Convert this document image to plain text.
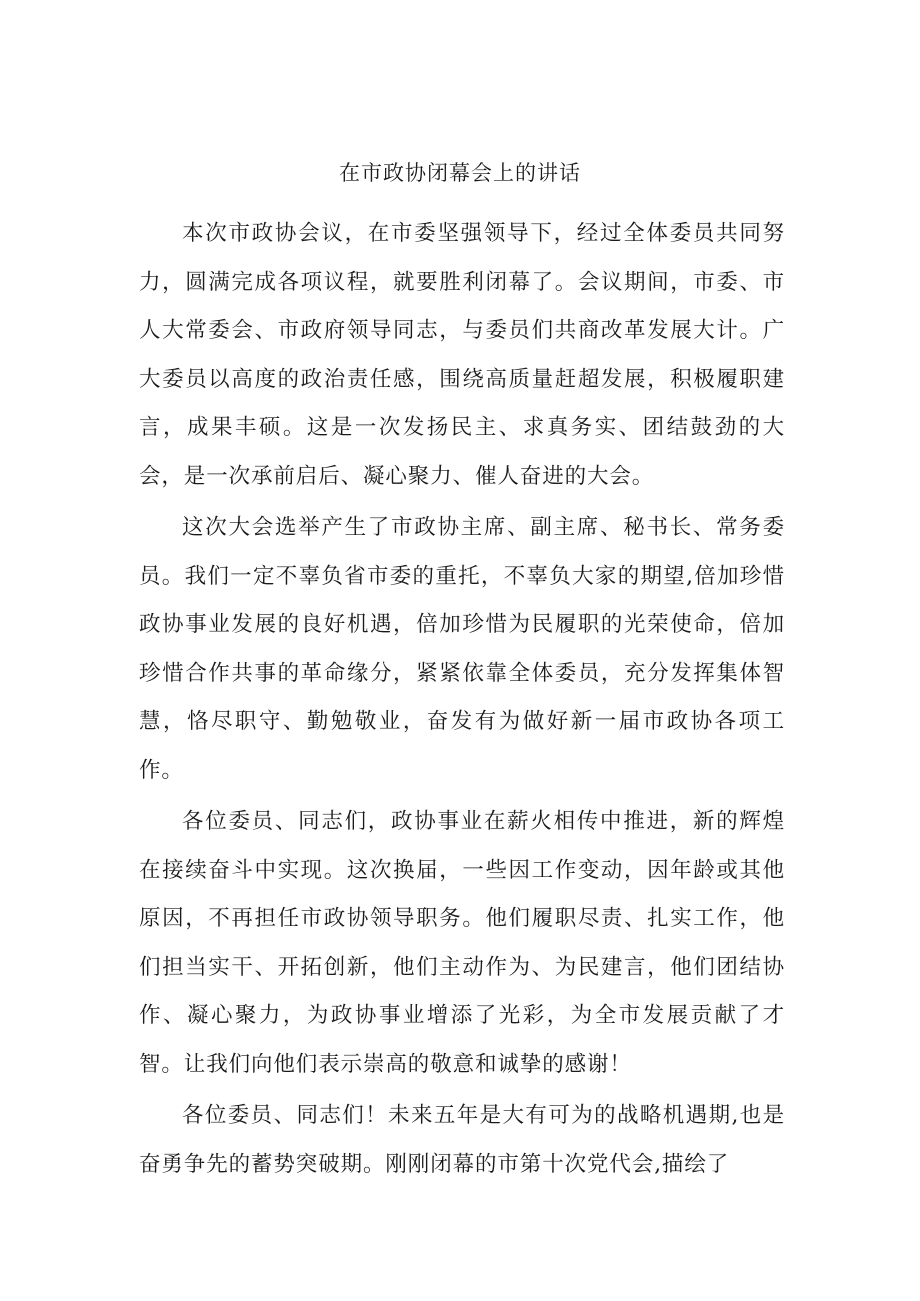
在市政协闭幕会上的讲话

本次市政协会议，在市委坚强领导下，经过全体委员共同努力，圆满完成各项议程，就要胜利闭幕了。会议期间，市委、市人大常委会、市政府领导同志，与委员们共商改革发展大计。广大委员以高度的政治责任感，围绕高质量赶超发展，积极履职建言，成果丰硕。这是一次发扬民主、求真务实、团结鼓劲的大会，是一次承前启后、凝心聚力、催人奋进的大会。

这次大会选举产生了市政协主席、副主席、秘书长、常务委员。我们一定不辜负省市委的重托，不辜负大家的期望,倍加珍惜政协事业发展的良好机遇，倍加珍惜为民履职的光荣使命，倍加珍惜合作共事的革命缘分，紧紧依靠全体委员，充分发挥集体智慧，恪尽职守、勤勉敬业，奋发有为做好新一届市政协各项工作。

各位委员、同志们，政协事业在薪火相传中推进，新的辉煌在接续奋斗中实现。这次换届，一些因工作变动，因年龄或其他原因，不再担任市政协领导职务。他们履职尽责、扎实工作，他们担当实干、开拓创新，他们主动作为、为民建言，他们团结协作、凝心聚力，为政协事业增添了光彩，为全市发展贡献了才智。让我们向他们表示崇高的敬意和诚挚的感谢！

各位委员、同志们！未来五年是大有可为的战略机遇期,也是奋勇争先的蓄势突破期。刚刚闭幕的市第十次党代会,描绘了
